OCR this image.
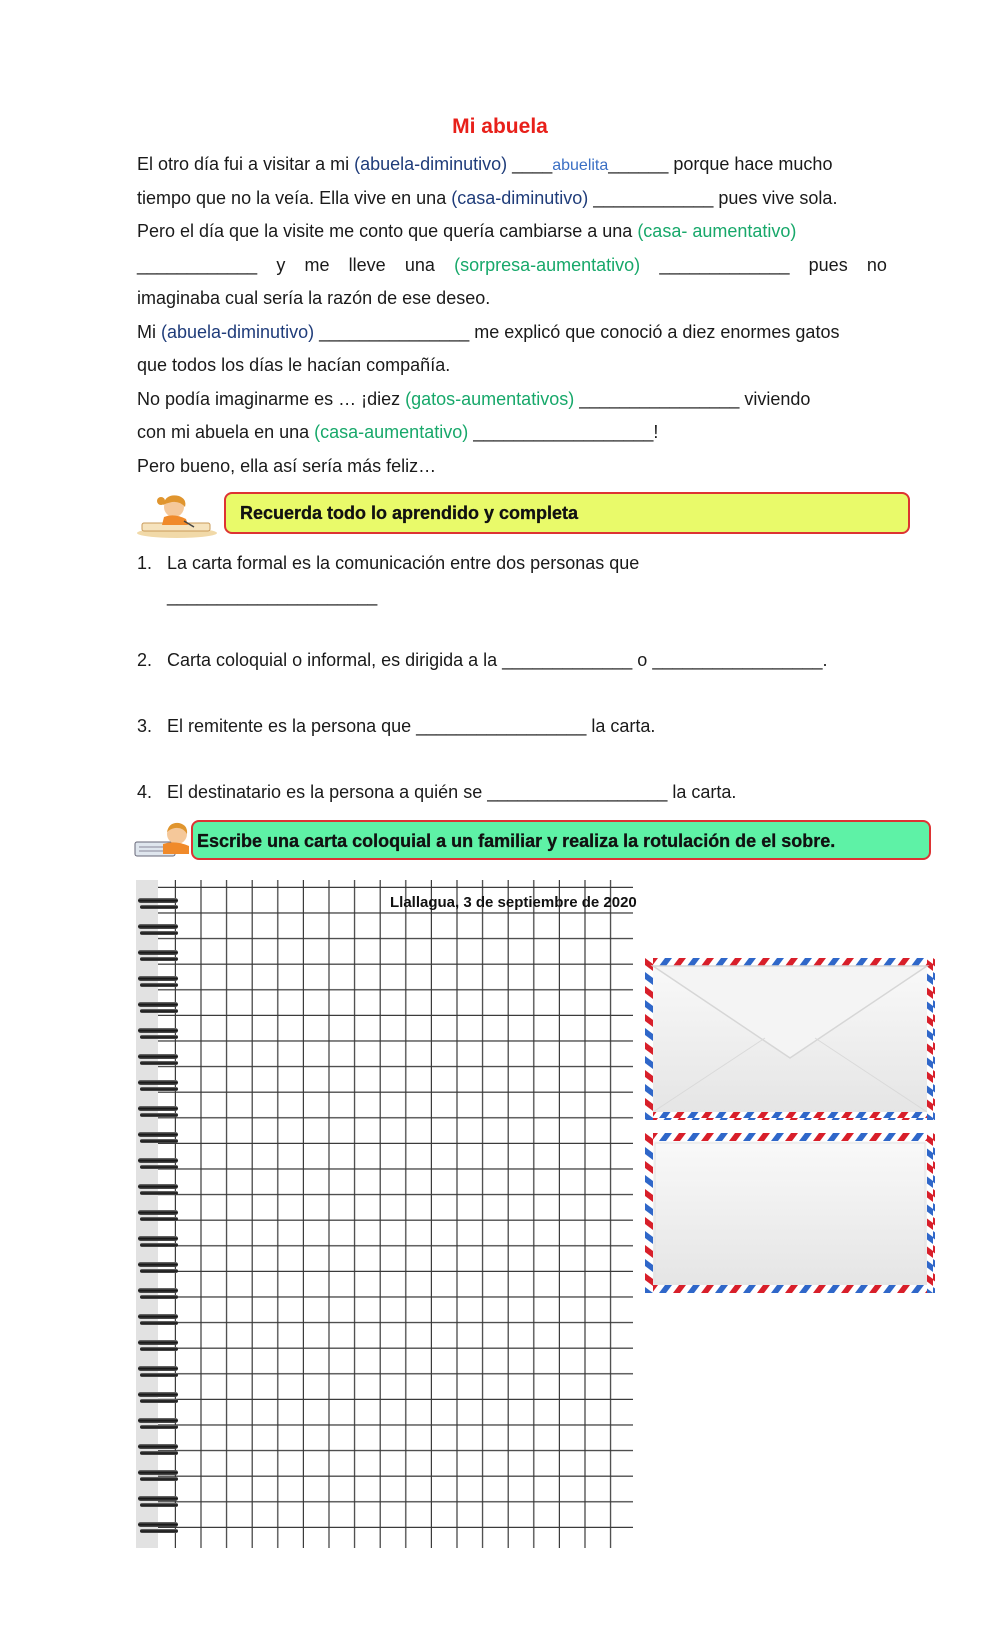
Mi abuela
El otro día fui a visitar a mi (abuela-diminutivo) ____abuelita______ porque hace mucho
tiempo que no la veía. Ella vive en una (casa-diminutivo) ____________ pues vive sola.
Pero el día que la visite me conto que quería cambiarse a una (casa- aumentativo)
____________ y me lleve una (sorpresa-aumentativo) _____________ pues no
imaginaba cual sería la razón de ese deseo.
Mi (abuela-diminutivo) _______________ me explicó que conoció a diez enormes gatos
que todos los días le hacían compañía.
No podía imaginarme es … ¡diez (gatos-aumentativos) ________________ viviendo
con mi abuela en una (casa-aumentativo) __________________!
Pero bueno, ella así sería más feliz…
Recuerda todo lo aprendido y completa
1. La carta formal es la comunicación entre dos personas que
_____________________
2. Carta coloquial o informal, es dirigida a la _____________ o _________________.
3. El remitente es la persona que _________________ la carta.
4. El destinatario es la persona a quién se __________________ la carta.
Escribe una carta coloquial a un familiar y realiza la rotulación de el sobre.
Llallagua, 3 de septiembre de 2020
